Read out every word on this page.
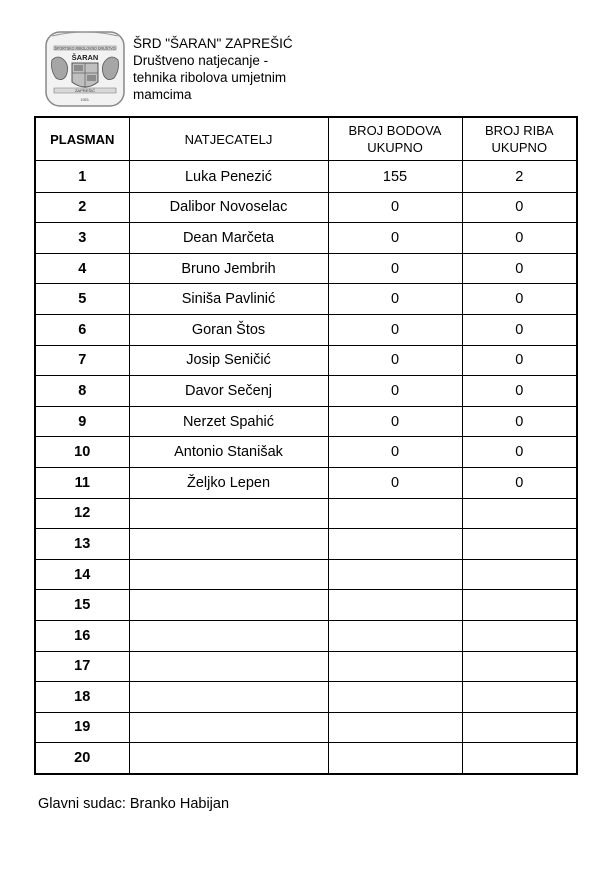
ŠPORTSKO RIBOLOVNO DRUŠTVO
ŠARAN
ZAPREŠIĆ
1953.
ŠRD "ŠARAN" ZAPREŠIĆ
Društveno natjecanje -
tehnika ribolova umjetnim
mamcima
PLASMAN	NATJECATELJ	BROJ BODOVA UKUPNO	BROJ RIBA UKUPNO
1	Luka Penezić	155	2
2	Dalibor Novoselac	0	0
3	Dean Marčeta	0	0
4	Bruno Jembrih	0	0
5	Siniša Pavlinić	0	0
6	Goran Štos	0	0
7	Josip Seničić	0	0
8	Davor Sečenj	0	0
9	Nerzet Spahić	0	0
10	Antonio Stanišak	0	0
11	Željko Lepen	0	0
12			
13			
14			
15			
16			
17			
18			
19			
20			
Glavni sudac: Branko Habijan
